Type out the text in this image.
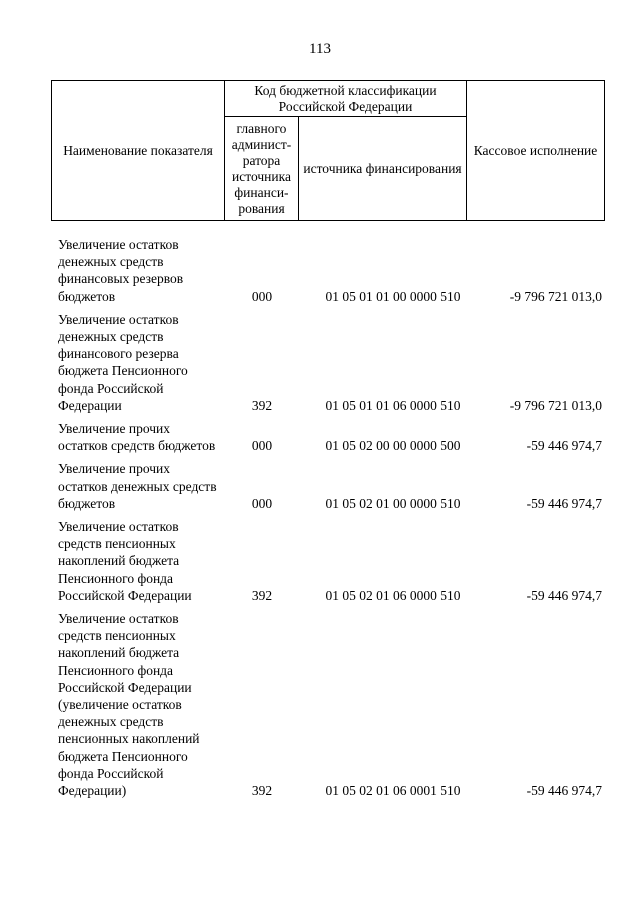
113
Наименование показателя	Код бюджетной классификации Российской Федерации		Кассовое исполнение
	главного админист-ратора источника финанси-рования	источника финансирования	
Увеличение остатков денежных средств финансовых резервов бюджетов	000	01 05 01 01 00 0000 510	-9 796 721 013,0
Увеличение остатков денежных средств финансового резерва бюджета Пенсионного фонда Российской Федерации	392	01 05 01 01 06 0000 510	-9 796 721 013,0
Увеличение прочих остатков средств бюджетов	000	01 05 02 00 00 0000 500	-59 446 974,7
Увеличение прочих остатков денежных средств бюджетов	000	01 05 02 01 00 0000 510	-59 446 974,7
Увеличение остатков средств пенсионных накоплений бюджета Пенсионного фонда Российской Федерации	392	01 05 02 01 06 0000 510	-59 446 974,7
Увеличение остатков средств пенсионных накоплений бюджета Пенсионного фонда Российской Федерации (увеличение остатков денежных средств пенсионных накоплений бюджета Пенсионного фонда Российской Федерации)	392	01 05 02 01 06 0001 510	-59 446 974,7
